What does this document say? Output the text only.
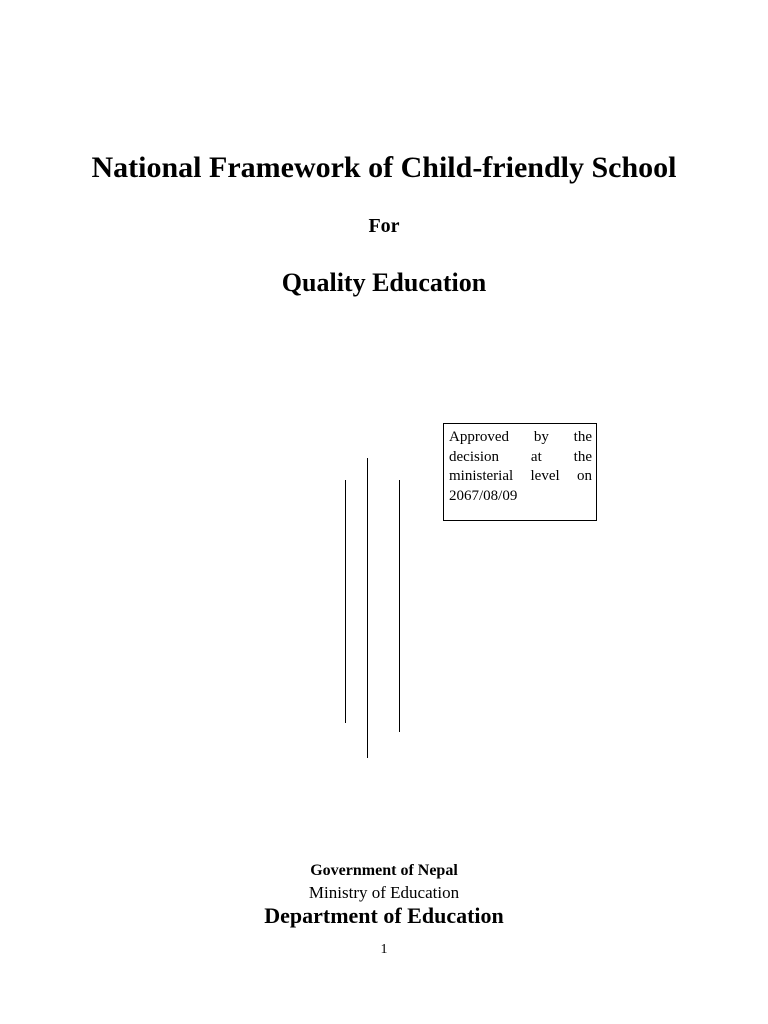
National Framework of Child-friendly School
For
Quality Education
Approved by the
decision at the
ministerial level on
2067/08/09
Government of Nepal
Ministry of Education
Department of Education
1
